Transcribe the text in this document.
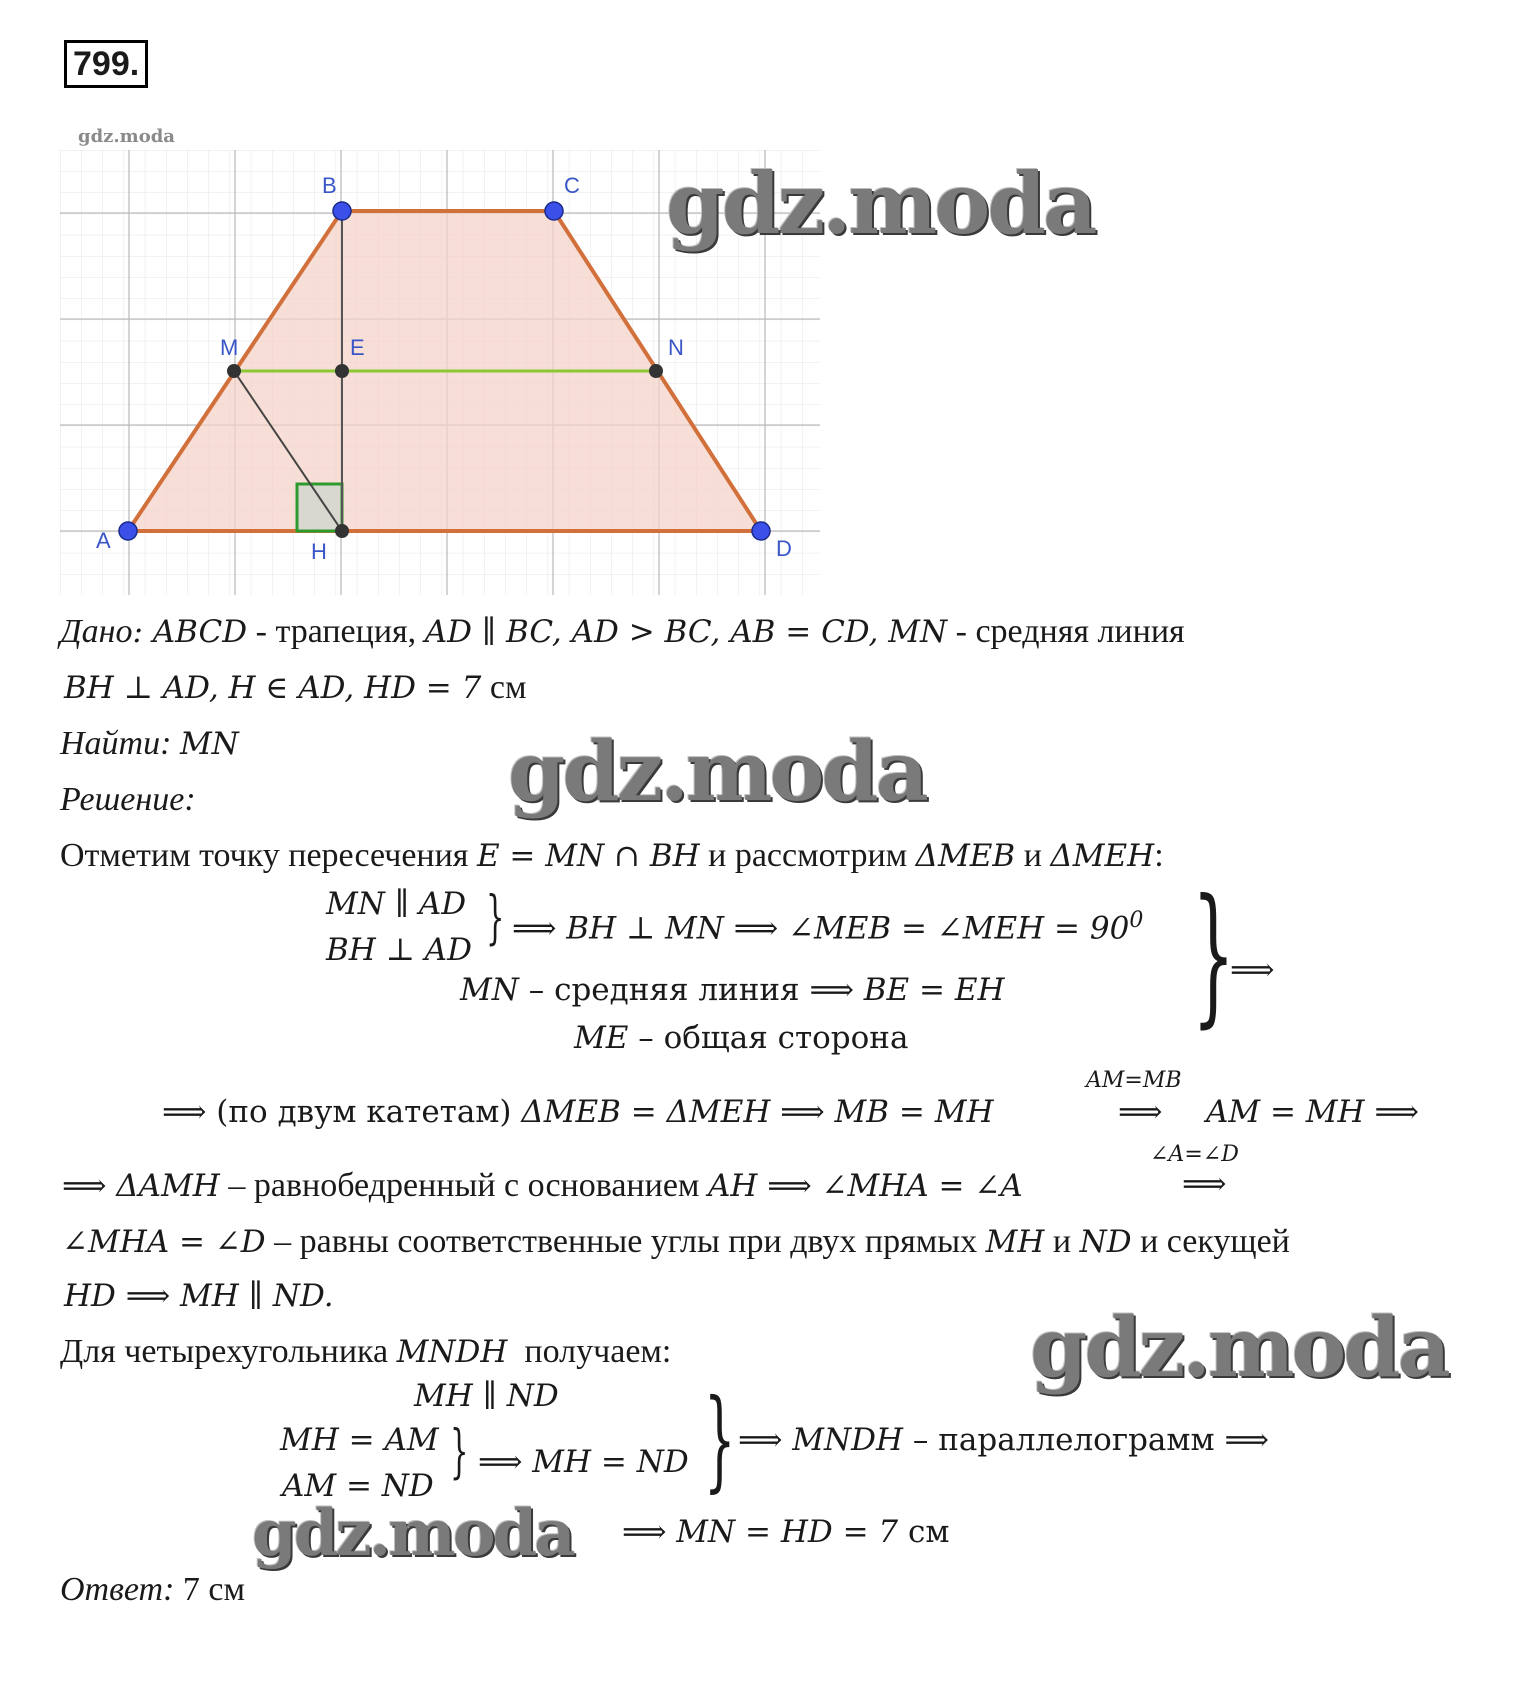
799.
gdz.moda
B	C
M	E	N
A	H	D
gdz.moda
gdz.moda
gdz.moda
gdz.moda
Дано: ABCD - трапеция, AD ∥ BC, AD > BC, AB = CD, MN - средняя линия
BH ⊥ AD, H ∈ AD, HD = 7 см
Найти: MN
Решение:
Отметим точку пересечения E = MN ∩ BH и рассмотрим ΔMEB и ΔMEH:
MN ∥ AD
BH ⊥ AD } ⟹ BH ⊥ MN ⟹ ∠MEB = ∠MEH = $90^0$
MN – средняя линия ⟹ BE = EH
ME – общая сторона }
⟹
⟹ (по двум катетам) ΔMEB = ΔMEH ⟹ MB = MH
AM=MB
⟹ AM = MH ⟹
⟹ ΔAMH – равнобедренный с основанием AH ⟹ ∠MHA = ∠A
∠A=∠D
⟹
∠MHA = ∠D – равны соответственные углы при двух прямых MH и ND и секущей
HD ⟹ MH ∥ ND.
Для четырехугольника MNDH  получаем:
MH ∥ ND
MH = AM
AM = ND
} ⟹ MH = ND } ⟹ MNDH – параллелограмм ⟹
⟹ MN = HD = 7 см
Ответ: 7 см
